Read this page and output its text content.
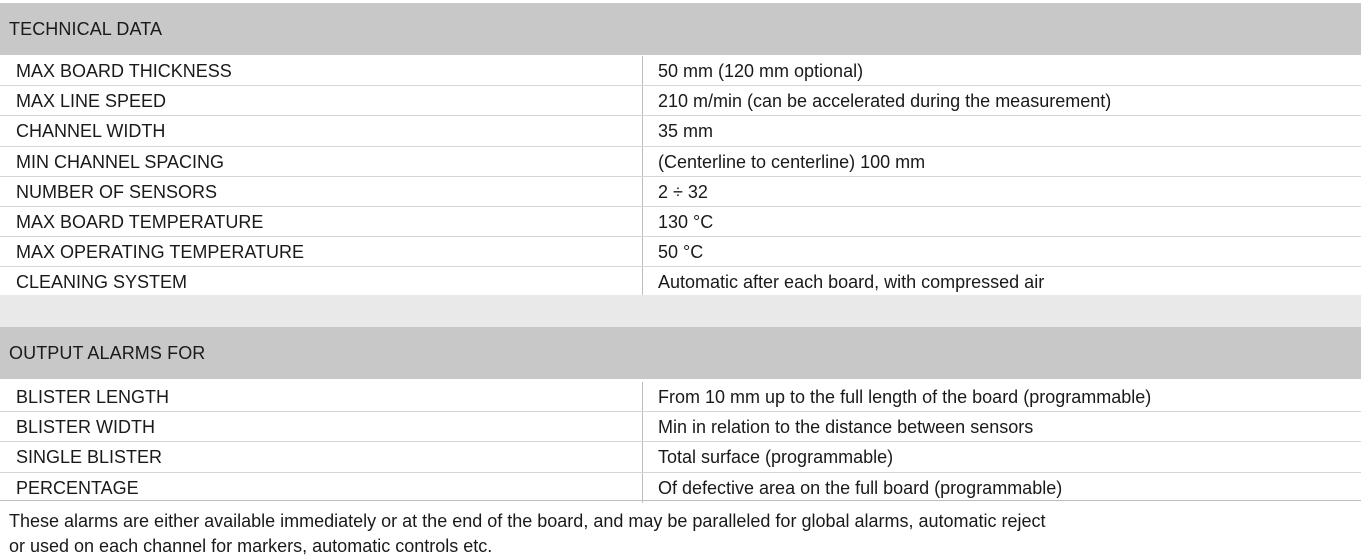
TECHNICAL DATA
MAX BOARD THICKNESS	50 mm (120 mm optional)
MAX LINE SPEED	210 m/min (can be accelerated during the measurement)
CHANNEL WIDTH	35 mm
MIN CHANNEL SPACING	(Centerline to centerline) 100 mm
NUMBER OF SENSORS	2 ÷ 32
MAX BOARD TEMPERATURE	130 °C
MAX OPERATING TEMPERATURE	50 °C
CLEANING SYSTEM	Automatic after each board, with compressed air
OUTPUT ALARMS FOR
BLISTER LENGTH	From 10 mm up to the full length of the board (programmable)
BLISTER WIDTH	Min in relation to the distance between sensors
SINGLE BLISTER	Total surface (programmable)
PERCENTAGE	Of defective area on the full board (programmable)
These alarms are either available immediately or at the end of the board, and may be paralleled for global alarms, automatic reject
or used on each channel for markers, automatic controls etc.
